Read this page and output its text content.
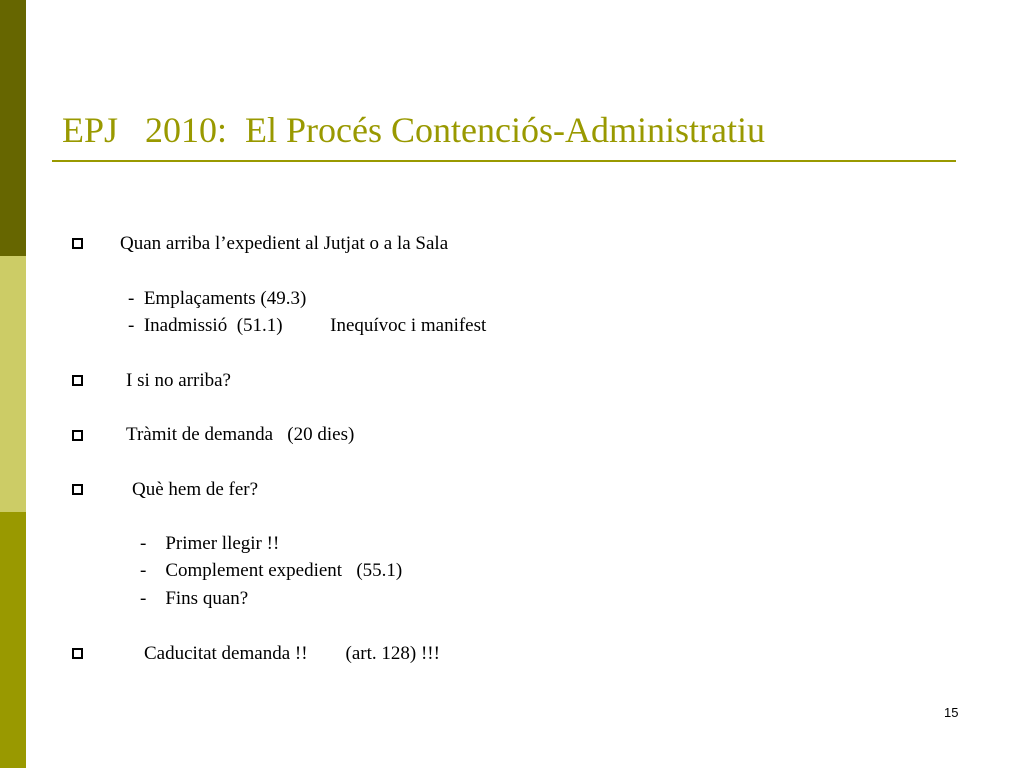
EPJ   2010:  El Procés Contenciós-Administratiu
Quan arriba l’expedient al Jutjat o a la Sala
-  Emplaçaments (49.3)
-  Inadmissió  (51.1)          Inequívoc i manifest
I si no arriba?
Tràmit de demanda   (20 dies)
Què hem de fer?
-    Primer llegir !!
-    Complement expedient   (55.1)
-    Fins quan?
Caducitat demanda !!        (art. 128) !!!
15
